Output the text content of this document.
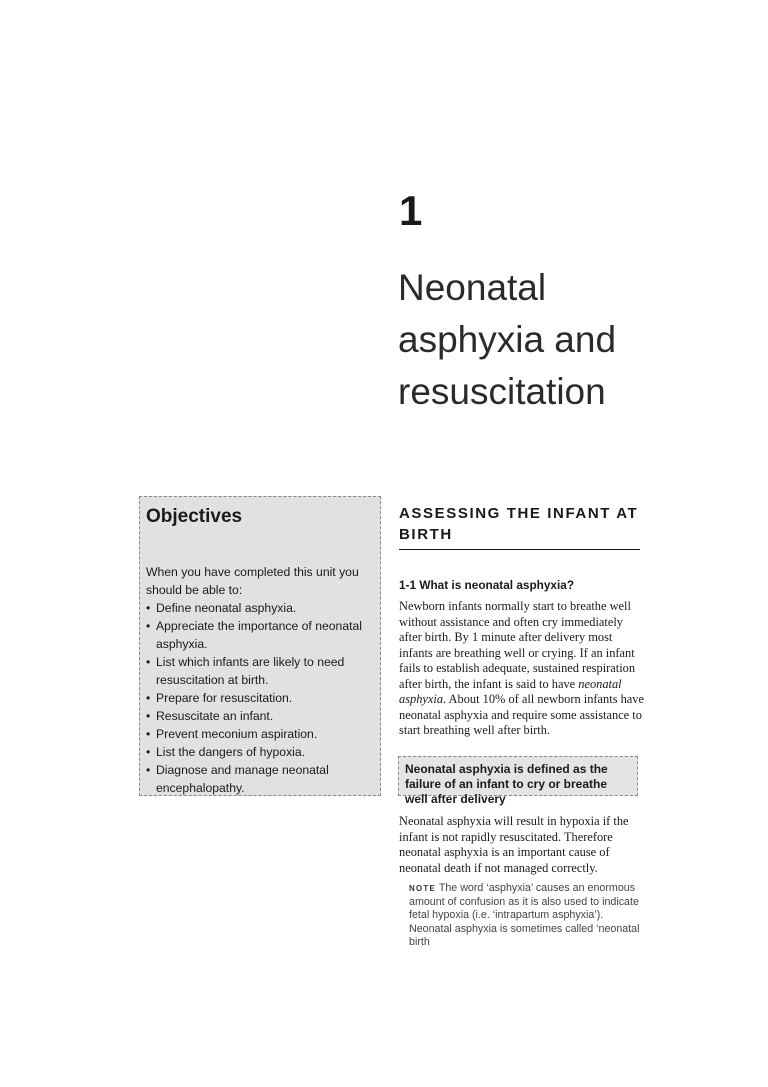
1
Neonatal
asphyxia and
resuscitation
Objectives

When you have completed this unit you should be able to:

• Define neonatal asphyxia.
• Appreciate the importance of neonatal asphyxia.
• List which infants are likely to need resuscitation at birth.
• Prepare for resuscitation.
• Resuscitate an infant.
• Prevent meconium aspiration.
• List the dangers of hypoxia.
• Diagnose and manage neonatal encephalopathy.
ASSESSING THE INFANT AT BIRTH
1-1 What is neonatal asphyxia?

Newborn infants normally start to breathe well without assistance and often cry immediately after birth. By 1 minute after delivery most infants are breathing well or crying. If an infant fails to establish adequate, sustained respiration after birth, the infant is said to have neonatal asphyxia. About 10% of all newborn infants have neonatal asphyxia and require some assistance to start breathing well after birth.

Neonatal asphyxia is defined as the failure of an infant to cry or breathe well after delivery

Neonatal asphyxia will result in hypoxia if the infant is not rapidly resuscitated. Therefore neonatal asphyxia is an important cause of neonatal death if not managed correctly.

NOTE The word ‘asphyxia’ causes an enormous amount of confusion as it is also used to indicate fetal hypoxia (i.e. ‘intrapartum asphyxia’). Neonatal asphyxia is sometimes called ‘neonatal birth
